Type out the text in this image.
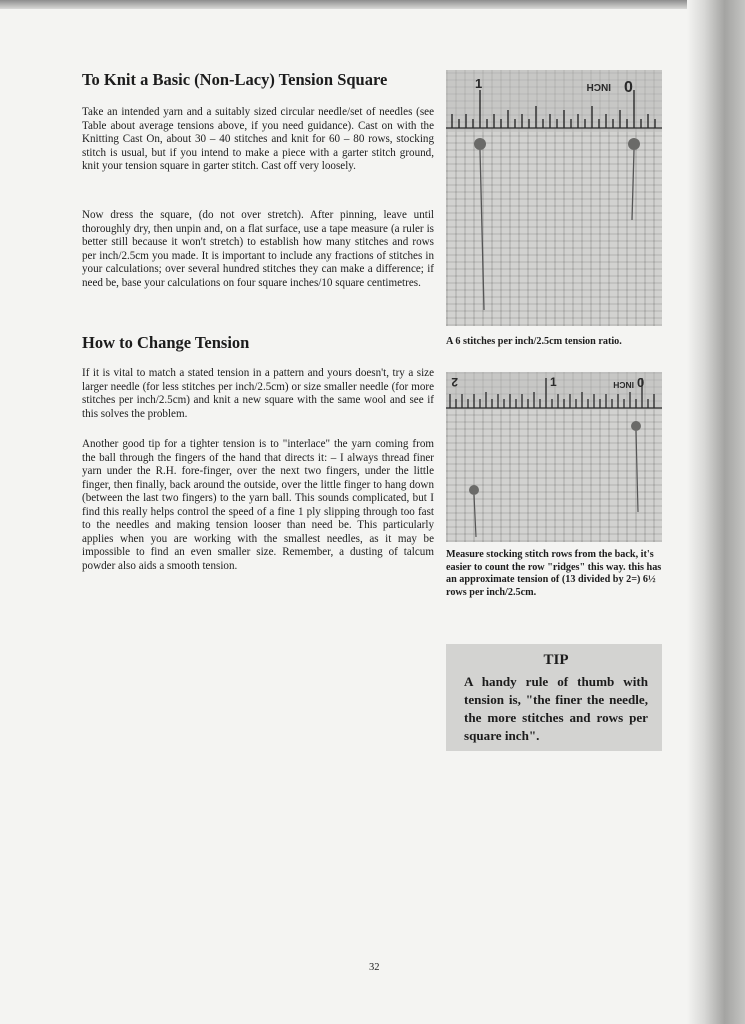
To Knit a Basic (Non-Lacy) Tension Square

Take an intended yarn and a suitably sized circular needle/set of needles (see Table about average tensions above, if you need guidance). Cast on with the Knitting Cast On, about 30 – 40 stitches and knit for 60 – 80 rows, stocking stitch is usual, but if you intend to make a piece with a garter stitch ground, knit your tension square in garter stitch. Cast off very loosely.

Now dress the square, (do not over stretch). After pinning, leave until thoroughly dry, then unpin and, on a flat surface, use a tape measure (a ruler is better still because it won't stretch) to establish how many stitches and rows per inch/2.5cm you made. It is important to include any fractions of stitches in your calculations; over several hundred stitches they can make a difference; if need be, base your calculations on four square inches/10 square centimetres.

How to Change Tension

If it is vital to match a stated tension in a pattern and yours doesn't, try a size larger needle (for less stitches per inch/2.5cm) or size smaller needle (for more stitches per inch/2.5cm) and knit a new square with the same wool and see if this solves the problem.

Another good tip for a tighter tension is to "interlace" the yarn coming from the ball through the fingers of the hand that directs it: – I always thread finer yarn under the R.H. fore-finger, over the next two fingers, under the little finger, then finally, back around the outside, over the little finger to hang down (between the last two fingers) to the yarn ball. This sounds complicated, but I find this really helps control the speed of a fine 1 ply slipping through too fast to the needles and making tension looser than need be. This particularly applies when you are working with the smallest needles, as it may be impossible to find an even smaller size. Remember, a dusting of talcum powder also aids a smooth tension.

1	INCH 0

A 6 stitches per inch/2.5cm tension ratio.

2	1	INCH 0

Measure stocking stitch rows from the back, it's easier to count the row "ridges" this way. this has an approximate tension of (13 divided by 2=) 6½ rows per inch/2.5cm.

TIP

A handy rule of thumb with tension is, "the finer the needle, the more stitches and rows per square inch".

32
